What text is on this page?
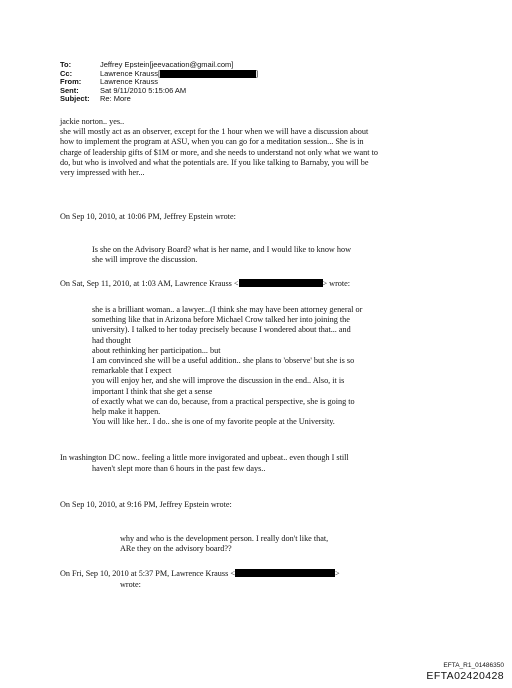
To:	Jeffrey Epstein[jeevacation@gmail.com]
Cc:	Lawrence Krauss[	]
From:	Lawrence Krauss
Sent:	Sat 9/11/2010 5:15:06 AM
Subject:	Re: More
jackie norton.. yes..
she will mostly act as an observer, except for the 1 hour when we will have a discussion about
how to implement the program at ASU, when you can go for a meditation session... She is in
charge of leadership gifts of $1M or more, and she needs to understand not only what we want to
do, but who is involved and what the potentials are. If you like talking to Barnaby, you will be
very impressed with her...
On Sep 10, 2010, at 10:06 PM, Jeffrey Epstein wrote:
Is she on the Advisory Board? what is her name, and I would like to know how
she will improve the discussion.
On Sat, Sep 11, 2010, at 1:03 AM, Lawrence Krauss <	> wrote:
she is a brilliant woman.. a lawyer...(I think she may have been attorney general or
something like that in Arizona before Michael Crow talked her into joining the
university). I talked to her today precisely because I wondered about that... and
had thought
about rethinking her participation... but
I am convinced she will be a useful addition.. she plans to 'observe' but she is so
remarkable that I expect
you will enjoy her, and she will improve the discussion in the end.. Also, it is
important I think that she get a sense
of exactly what we can do, because, from a practical perspective, she is going to
help make it happen.
You will like her.. I do.. she is one of my favorite people at the University.
In washington DC now.. feeling a little more invigorated and upbeat.. even though I still
haven't slept more than 6 hours in the past few days..
On Sep 10, 2010, at 9:16 PM, Jeffrey Epstein wrote:
why and who is the development person. I really don't like that,
ARe they on the advisory board??
On Fri, Sep 10, 2010 at 5:37 PM, Lawrence Krauss <	>
wrote:
EFTA_R1_01486350
EFTA02420428
